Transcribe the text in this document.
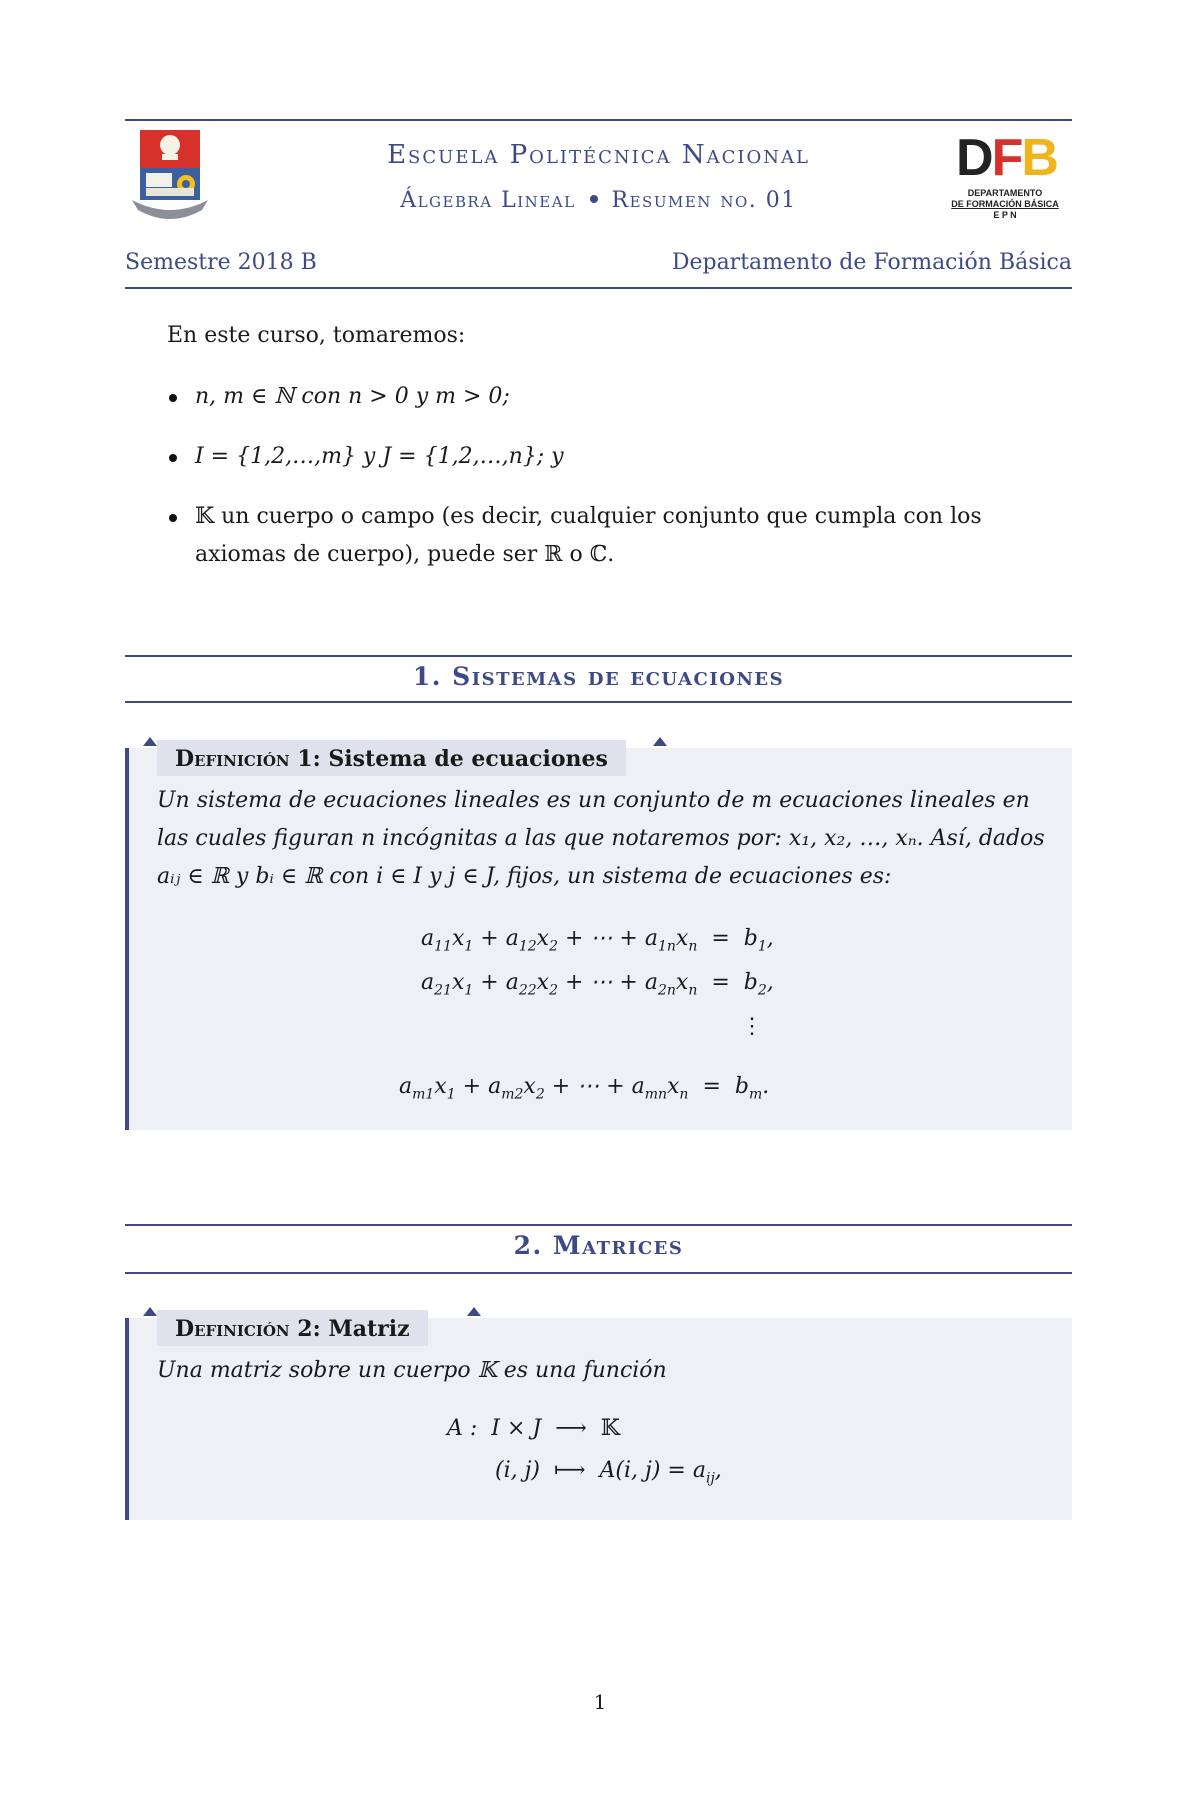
DFB
DEPARTAMENTO
DE FORMACIÓN BÁSICA
E P N
Escuela Politécnica Nacional
Álgebra Lineal Resumen no. 01
Semestre 2018 B	Departamento de Formación Básica
En este curso, tomaremos:
n, m ∈ ℕ con n > 0 y m > 0;
I = {1,2,…,m} y J = {1,2,…,n}; y
𝕂 un cuerpo o campo (es decir, cualquier conjunto que cumpla con los axiomas de cuerpo), puede ser ℝ o ℂ.
1. Sistemas de ecuaciones
Definición 1: Sistema de ecuaciones
Un sistema de ecuaciones lineales es un conjunto de m ecuaciones lineales en las cuales figuran n incógnitas a las que notaremos por: x₁, x₂, …, xₙ. Así, dados aᵢⱼ ∈ ℝ y bᵢ ∈ ℝ con i ∈ I y j ∈ J, fijos, un sistema de ecuaciones es:
$a_{11}x_1 + a_{12}x_2$ + ⋯ + $a_{1n}x_n = b_1$,
$a_{21}x_1 + a_{22}x_2$ + ⋯ + $a_{2n}x_n = b_2$,
⋮
$a_{m1}x_1 + a_{m2}x_2$ + ⋯ + $a_{mn}x_n = b_m$.
2. Matrices
Definición 2: Matriz
Una matriz sobre un cuerpo 𝕂 es una función
A :  I × J  ⟶ 𝕂
(i, j)  ⟼  A(i, $j) = a_{ij}$,
1
